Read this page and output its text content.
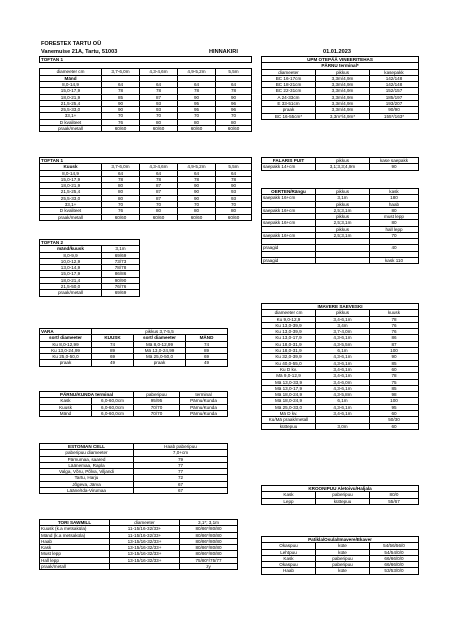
FORESTEX TARTU OÜ
Vanemuise 21A, Tartu, 51003	HINNAKIRI	01.01.2023
TOFTAN 1				

diameeter cm	3,7-6,0m	4,3-4,6m	4,9-5,2m	5,5m
Mänd				
8,0-14,9	64	64	64	64
15,0-17,9	78	78	78	78
18,0-21,9	85	87	90	90
21,5-25,4	90	93	95	96
25,5-33,0	90	93	95	96
33,1+	70	70	70	70
D kvaliteet	76	80	80	80
praak/metall	60/60	60/60	60/60	60/60
TOFTAN 1				
Kuusk	3,7-6,0m	4,3-4,6m	4,9-5,2m	5,5m
8,0-14,9	64	64	64	64
15,0-17,9	78	78	78	78
18,0-21,9	80	87	90	90
21,5-25,4	80	87	90	93
25,5-33,0	80	87	90	93
33,1+	70	70	70	70
D kvaliteet	76	80	80	80
praak/metall	60/60	60/60	60/60	60/60
TOFTAN 2	
mänd/kuusk	3,1m
8,0-9,9	69/69
10,0-12,9	73/73
13,0-14,9	78/78
15,0-17,9	86/86
18,0-21,4	90/90
21,5-50,0	76/76
praak/metall	69/69
UPM OTEPÄÄ VINEERITEHAS		
PÄRNU terminal*		
diameeter	pikkus	kasepakk
BC 16-17cm	3,3m/4,9m	142/148
BC 18-21cm	3,3m/4,9m	142/148
BC 22-31cm	3,3m/4,9m	152/157
A 24-33cm	3,3m/4,9m	185/197
E 33-51cm	3,3m/4,9m	193/207
praak	3,3m/4,9m	90/90
BC 16-55cm*	3,3m*/4,9m*	155*/163*
FALARIS PUIT	pikkus	kase saepakk
saepakk 14+cm	3,1;3,3;4,9m	90
OERTEN/Rängu	pikkus	kask
saepakk 16+cm	3,1m	180
	pikkus	haab
saepakk 16+cm	2,5;3,1m	80
	pikkus	must lepp
saepakk 16+cm	2,5;3,1m	80
	pikkus	hall lepp
saepakk 16+cm	2,5;3,1m	70

praagid		40

praagid		kask 110
IMAVERE SAEVESKI		
diameeter cm	pikkus	kuusk
Ku 9,0-12,9	3,4-6,1m	78
Ku 13,0-39,9	3,4m	76
Ku 13,0-39,9	3,7-4,0m	76
Ku 13,0-17,9	4,3-6,1m	86
Ku 18,0-31,9	4,3-5,5m	87
Ku 18,0-31,9	6,1m	100
Ku 32,0-39,9	4,3-6,1m	90
Ku 40,0-55,0	4,3-6,1m	85
Ku D kv.	3,4-6,1m	60
Mä 9,0-12,9	3,4-6,1m	78
Mä 13,0-33,9	3,4-6,0m	75
Mä 13,0-17,9	4,3-6,1m	85
Mä 18,0-24,9	4,3-5,8m	98
Mä 18,0-24,9	6,1m	100
Mä 25,0-33,0	4,3-6,1m	95
Mä D kv.	3,4-6,1m	60
Ku/Mä praak/metall		50/30
küttepuu	3,0m	60
VARA	pikkus 3,7-5,5		
sort/ diameeter	KUUSK	sort/ diameeter	MÄND
Ku 8,0-12,99	74	Mä 8,0-12,99	74
Ku 13,0-24,99	89	Mä 13,0-24,99	89
Ku 25,0-50,0	69	Mä 25,0-50,0	69
praak	49	praak	49
PÄRNU/KUNDA terminal		paberipuu	terminal
Kask	6,0-60,0cm	95/95	Pärnu/Kunda
Kuusk	6,0-60,0cm	70/70	Pärnu/Kunda
Mänd	6,0-60,0cm	70/70	Pärnu/Kunda
ESTONIAN CELL	Haab paberipuu
paberipuu diameeter	7,0+cm
Pärnumaa, saared	79
Läänemaa, Rapla	77
Valga, Võru, Põlva, Viljandi	77
Tartu, Harju	72
Jõgeva, Järva	67
Lääne/Ida-Virumaa	67	KROONIPUU Aletoivu/Haljala		
Kask	paberipuu	80/0
Lepp	küttepuu	55/67
TORI SAWMILL	diameeter	3,1*; 3,1m
Kuusk (k.a metsaküla)	11-15/16-32/33+	80/86*/80/80
Mänd (k.a metsaküla)	11-15/16-32/33+	80/86*/80/80
Haab	13-15/16-32/33+	80/86*/80/80
Kask	13-15/16-32/33+	80/86*/80/80
Must lepp	13-15/16-32/33+	80/86*/80/80
Hall lepp	13-15/16-32/33+	75/80*/75/77
praak/metall		zy
Patikla/Osula/Imavere/Ekaver		
Okaspuu	küte	54/56/56/0
Lehtpuu	küte	54/54/0/0
Kask	paberipuu	66/66/0/0
Okaspuu	paberipuu	66/66/0/0
Haab	küte	53/53/0/0
